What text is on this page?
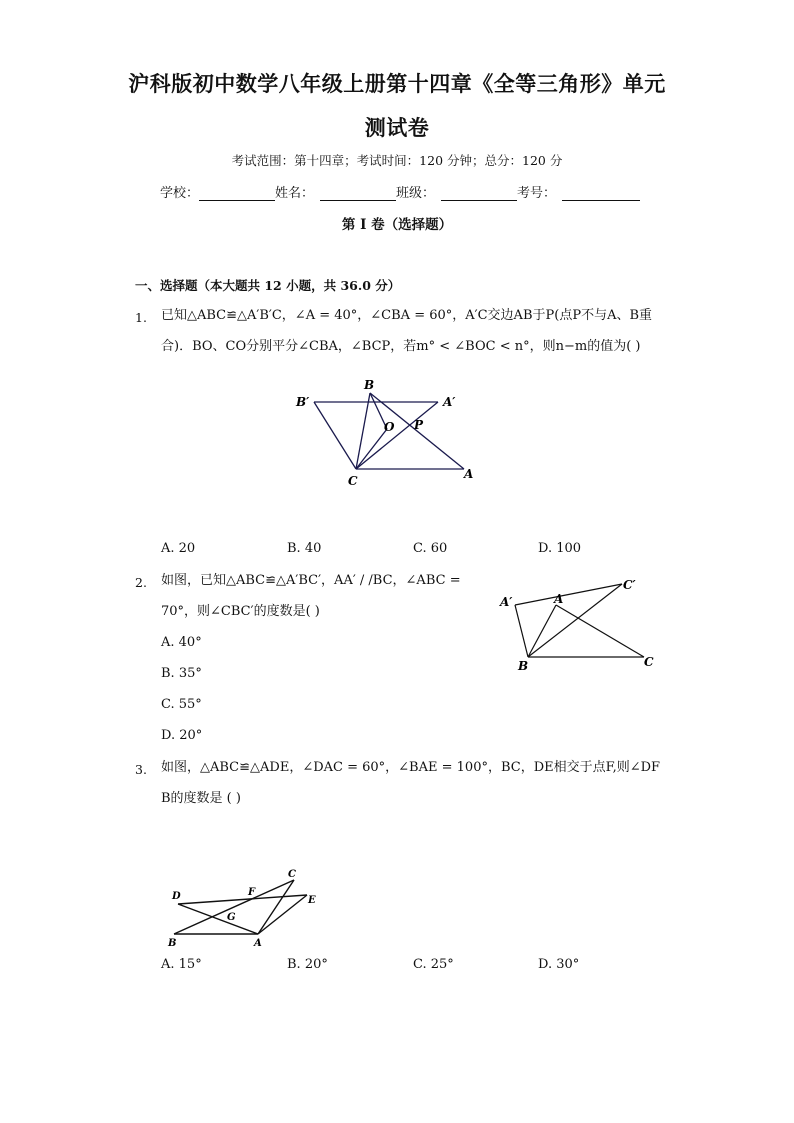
沪科版初中数学八年级上册第十四章《全等三角形》单元
测试卷
考试范围：第十四章；考试时间：120 分钟；总分：120 分
学校：	姓名：	班级：	考号：
第 I 卷（选择题）
一、选择题（本大题共 12 小题，共 36.0 分）
1. 已知△ABC≌△A′B′C，∠A = 40°，∠CBA = 60°，A′C交边AB于P(点P不与A、B重
合)．BO、CO分别平分∠CBA，∠BCP，若m° < ∠BOC < n°，则n−m的值为( )
B′
B
A′
O P
C	A
A. 20	B. 40	C. 60	D. 100
2. 如图，已知△ABC≌△A′BC′，AA′ / /BC，∠ABC =
70°，则∠CBC′的度数是( )
A. 40°
B. 35°
C. 55°
D. 20°
A′	A
C′
B	C
3. 如图，△ABC≌△ADE，∠DAC = 60°，∠BAE = 100°，BC，DE相交于点F,则∠DF
B的度数是 ( )
D	F
C
E
G
B	A
A. 15°	B. 20°	C. 25°	D. 30°
